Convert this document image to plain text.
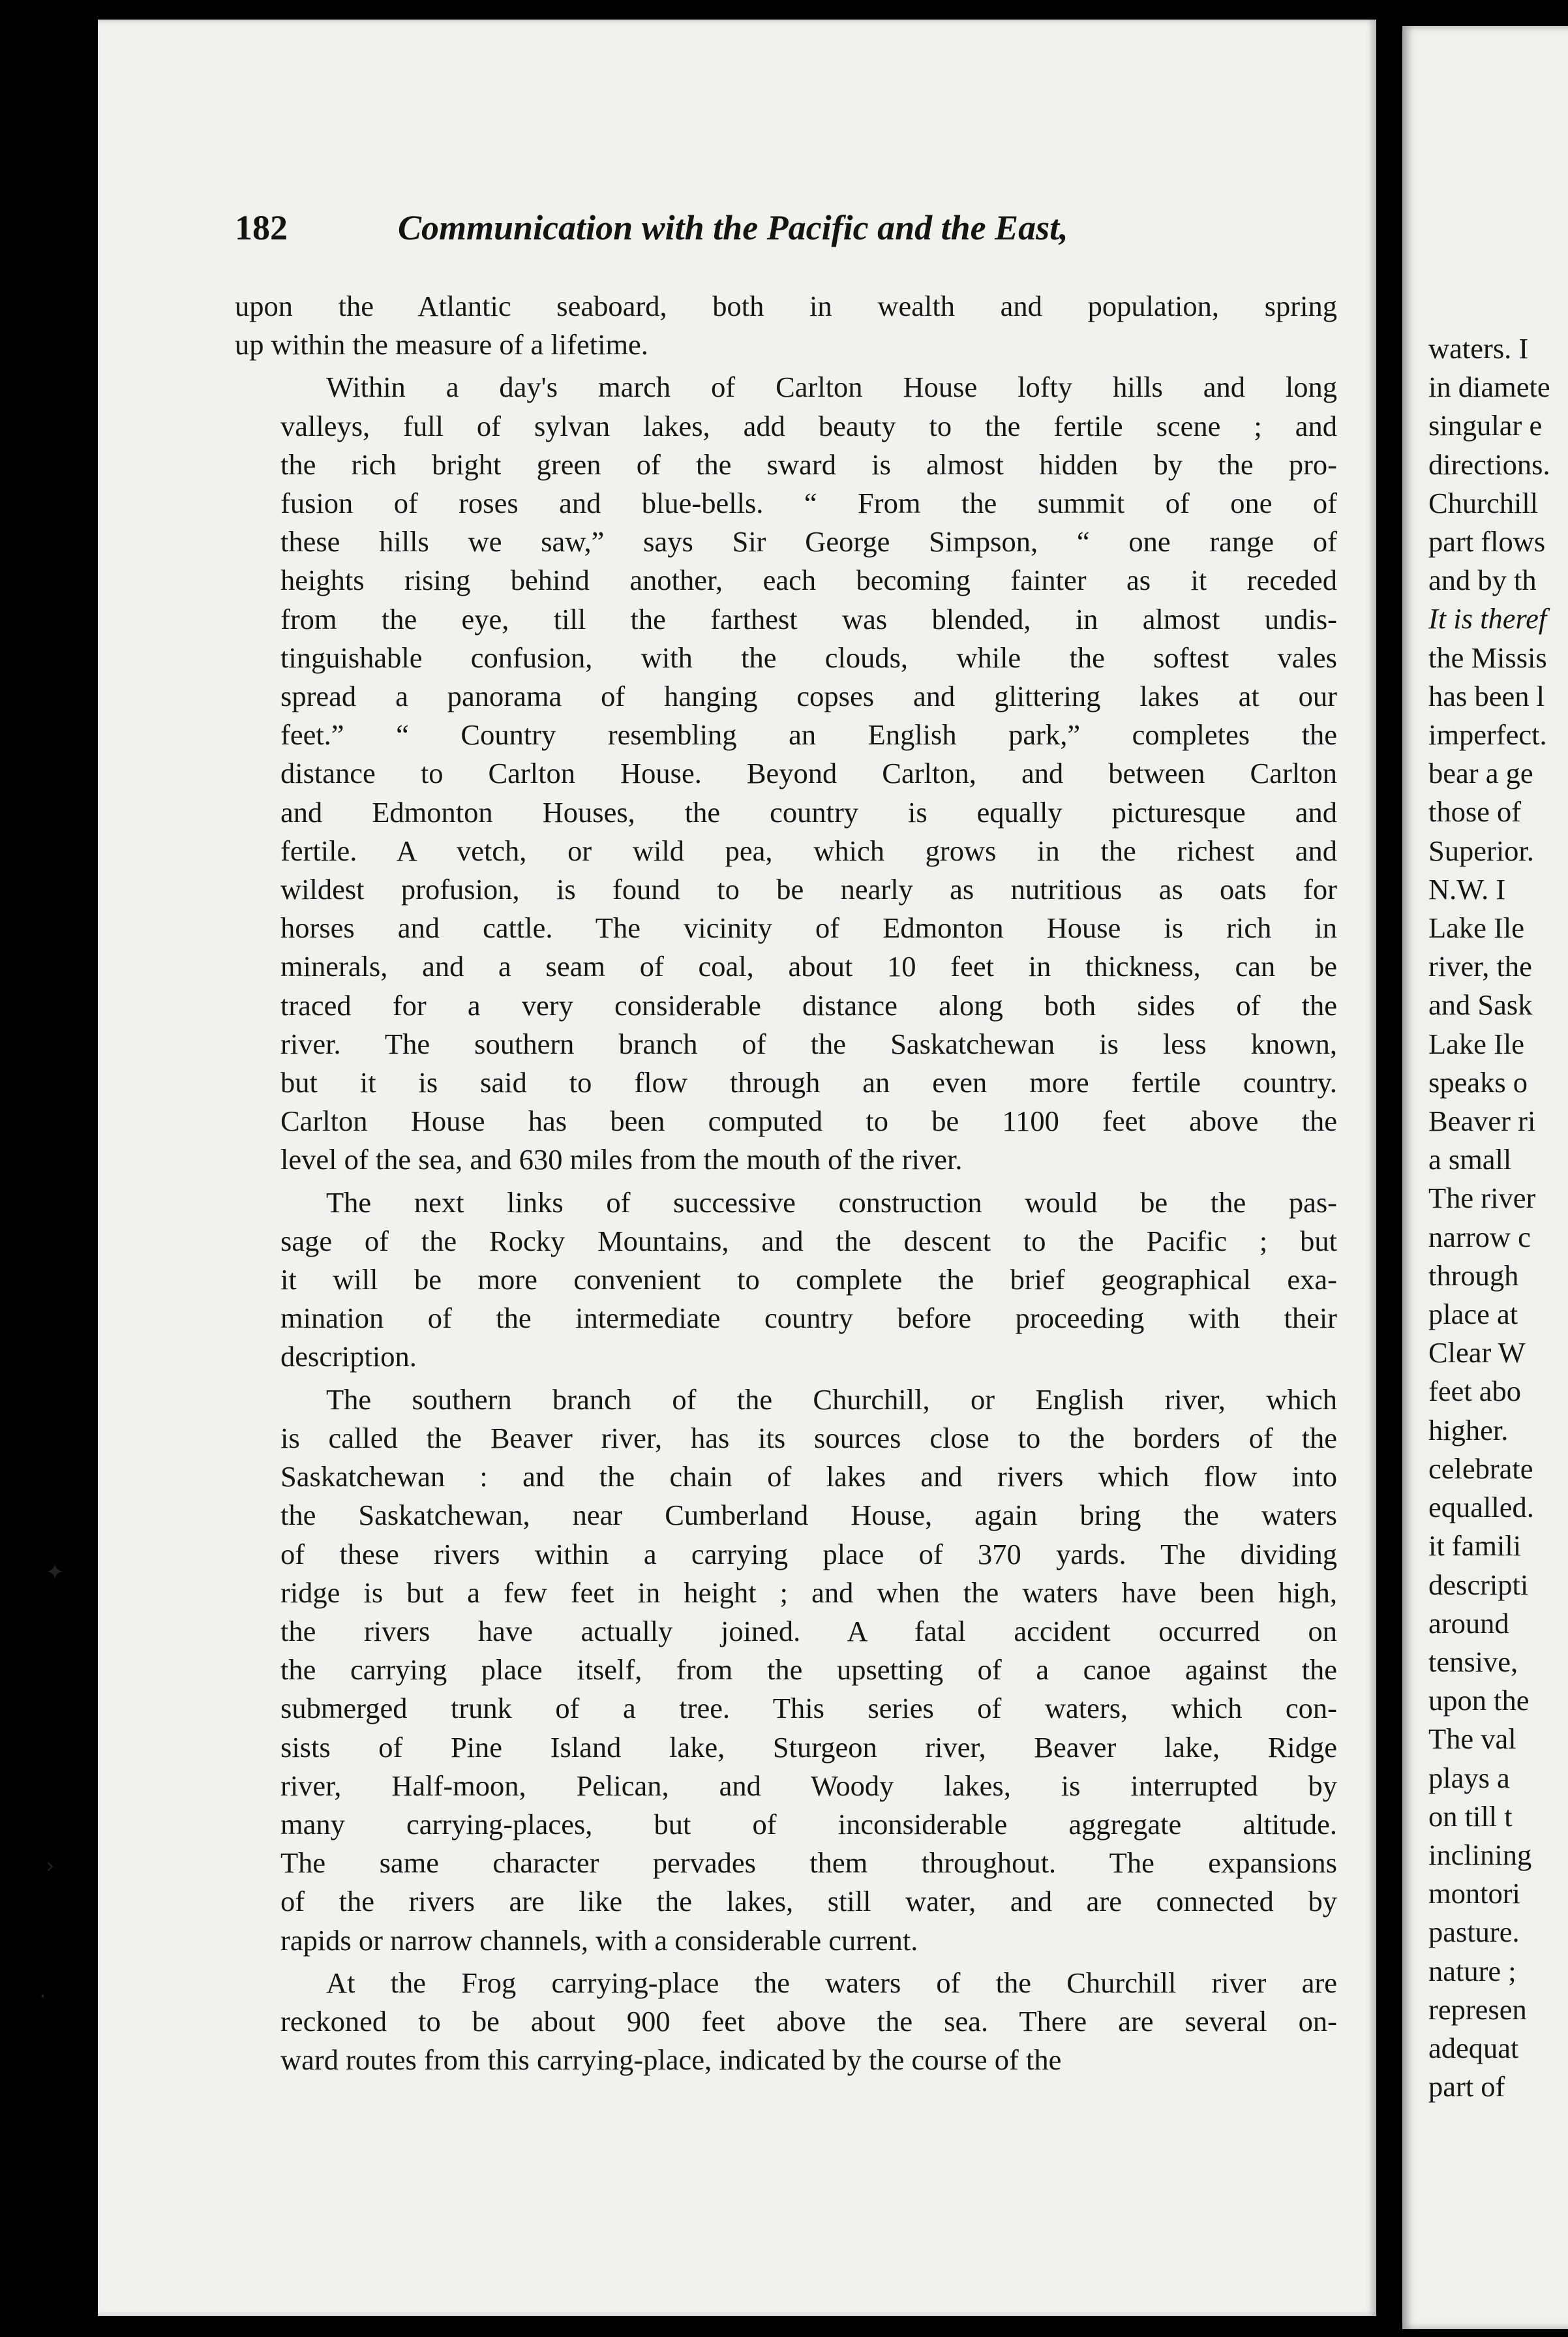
182	Communication with the Pacific and the East,
upon the Atlantic seaboard, both in wealth and population, spring
up within the measure of a lifetime.
Within a day's march of Carlton House lofty hills and long
valleys, full of sylvan lakes, add beauty to the fertile scene ; and
the rich bright green of the sward is almost hidden by the pro-
fusion of roses and blue-bells. “ From the summit of one of
these hills we saw,” says Sir George Simpson, “ one range of
heights rising behind another, each becoming fainter as it receded
from the eye, till the farthest was blended, in almost undis-
tinguishable confusion, with the clouds, while the softest vales
spread a panorama of hanging copses and glittering lakes at our
feet.” “ Country resembling an English park,” completes the
distance to Carlton House. Beyond Carlton, and between Carlton
and Edmonton Houses, the country is equally picturesque and
fertile. A vetch, or wild pea, which grows in the richest and
wildest profusion, is found to be nearly as nutritious as oats for
horses and cattle. The vicinity of Edmonton House is rich in
minerals, and a seam of coal, about 10 feet in thickness, can be
traced for a very considerable distance along both sides of the
river. The southern branch of the Saskatchewan is less known,
but it is said to flow through an even more fertile country.
Carlton House has been computed to be 1100 feet above the
level of the sea, and 630 miles from the mouth of the river.
The next links of successive construction would be the pas-
sage of the Rocky Mountains, and the descent to the Pacific ; but
it will be more convenient to complete the brief geographical exa-
mination of the intermediate country before proceeding with their
description.
The southern branch of the Churchill, or English river, which
is called the Beaver river, has its sources close to the borders of the
Saskatchewan : and the chain of lakes and rivers which flow into
the Saskatchewan, near Cumberland House, again bring the waters
of these rivers within a carrying place of 370 yards. The dividing
ridge is but a few feet in height ; and when the waters have been high,
the rivers have actually joined. A fatal accident occurred on
the carrying place itself, from the upsetting of a canoe against the
submerged trunk of a tree. This series of waters, which con-
sists of Pine Island lake, Sturgeon river, Beaver lake, Ridge
river, Half-moon, Pelican, and Woody lakes, is interrupted by
many carrying-places, but of inconsiderable aggregate altitude.
The same character pervades them throughout. The expansions
of the rivers are like the lakes, still water, and are connected by
rapids or narrow channels, with a considerable current.
At the Frog carrying-place the waters of the Churchill river are
reckoned to be about 900 feet above the sea. There are several on-
ward routes from this carrying-place, indicated by the course of the
waters. I
in diamete
singular e
directions.
Churchill
part flows
and by th
It is theref
the Missis
has been l
imperfect.
bear a ge
those of
Superior.
N.W. I
Lake Ile
river, the
and Sask
Lake Ile
speaks o
Beaver ri
a small
The river
narrow c
through
place at
Clear W
feet abo
higher.
celebrate
equalled.
it famili
descripti
around
tensive,
upon the
The val
plays a
on till t
inclining
montori
pasture.
nature ;
represen
adequat
part of
✦
›
·
